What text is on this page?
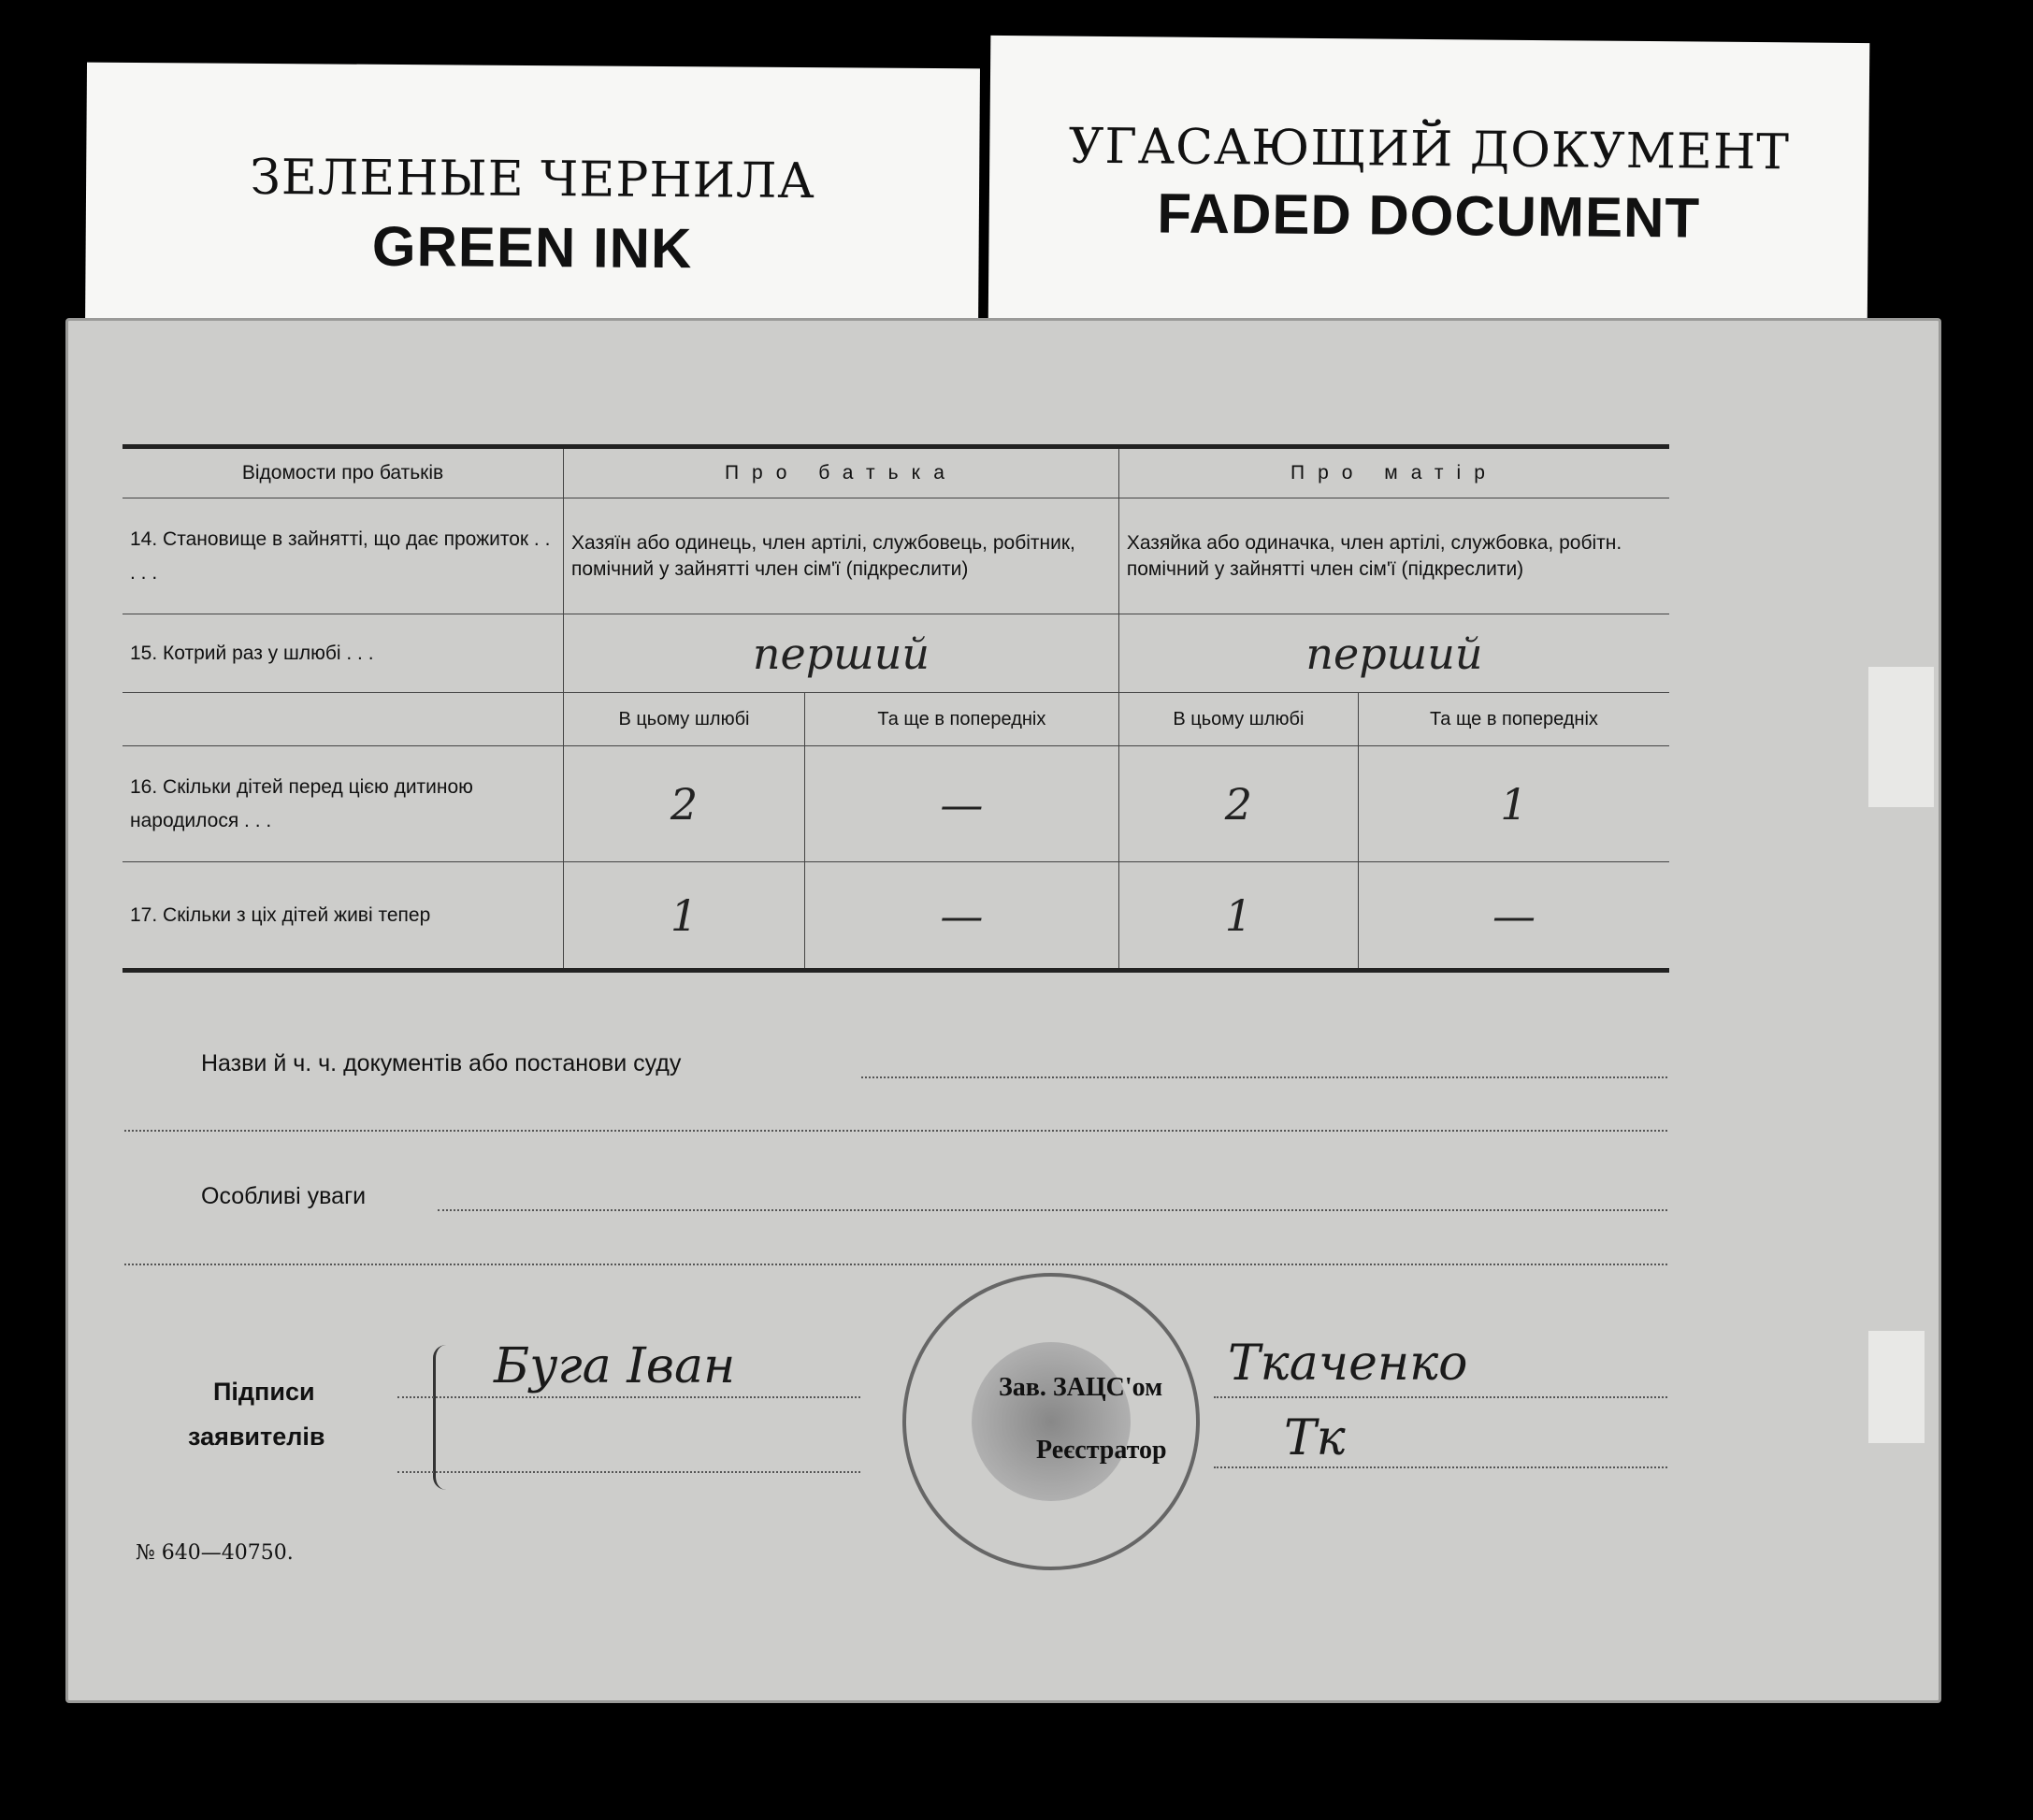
ЗЕЛЕНЫЕ ЧЕРНИЛА
GREEN INK
УГАСАЮЩИЙ ДОКУМЕНТ
FADED DOCUMENT
Відомости про батьків	Про батька		Про матір	
14. Становище в зайнятті, що дає прожиток . . . . .	Хазяїн або одинець, член артілі, службовець, робітник, помічний у зайнятті член сім'ї (підкреслити)		Хазяйка або одиначка, член артілі, службовка, робітн. помічний у зайнятті член сім'ї (підкреслити)	
15. Котрий раз у шлюбі . . .	перший		перший	
	В цьому шлюбі	Та ще в попередніх	В цьому шлюбі	Та ще в попередніх
16. Скільки дітей перед цією дитиною народилося . . .	2	—	2	1
17. Скільки з ціх дітей живі тепер	1	—	1	—
Назви й ч. ч. документів або постанови суду
Особливі уваги
Підписи
заявителів
Буга Іван	Зав. ЗАЦС'ом Ткаченко
Реєстратор Тк
№ 640—40750.
